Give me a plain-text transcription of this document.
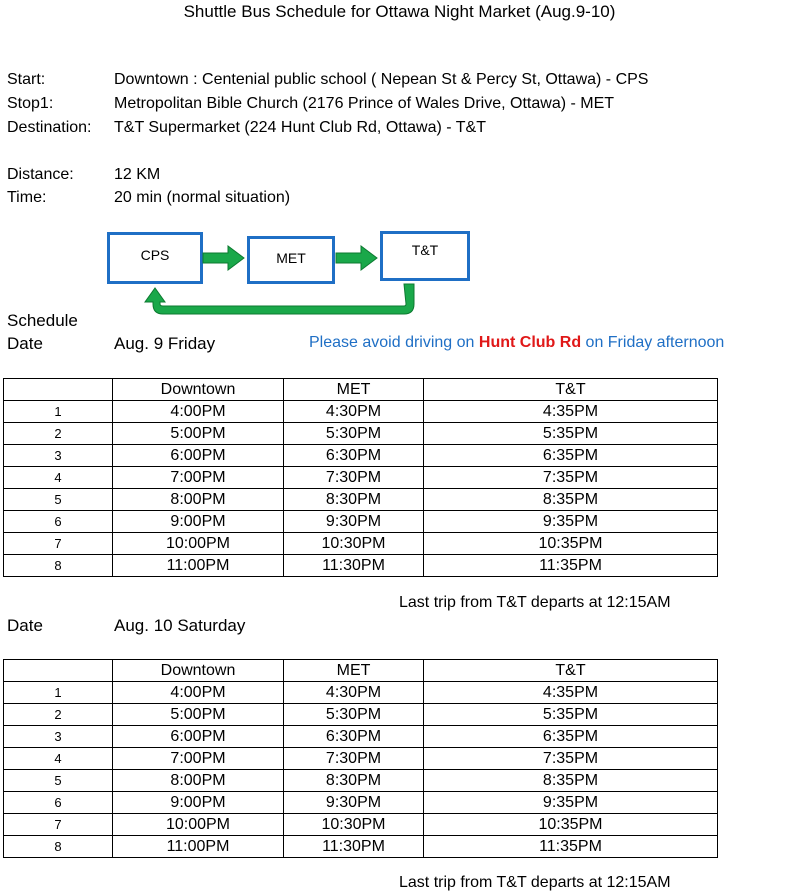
Shuttle Bus Schedule for Ottawa Night Market (Aug.9-10)
Start:	Downtown : Centenial public school ( Nepean St & Percy St, Ottawa) - CPS
Stop1:	Metropolitan Bible Church (2176 Prince of Wales Drive, Ottawa) - MET
Destination: T&T Supermarket (224 Hunt Club Rd, Ottawa) - T&T
Distance:	12 KM
Time:	20 min (normal situation)
CPS	MET	T&T
Schedule
Date	Aug. 9 Friday	Please avoid driving on Hunt Club Rd on Friday afternoon
	Downtown	MET	T&T
1	4:00PM	4:30PM	4:35PM
2	5:00PM	5:30PM	5:35PM
3	6:00PM	6:30PM	6:35PM
4	7:00PM	7:30PM	7:35PM
5	8:00PM	8:30PM	8:35PM
6	9:00PM	9:30PM	9:35PM
7	10:00PM	10:30PM	10:35PM
8	11:00PM	11:30PM	11:35PM
Last trip from T&T departs at 12:15AM
Date	Aug. 10 Saturday
	Downtown	MET	T&T
1	4:00PM	4:30PM	4:35PM
2	5:00PM	5:30PM	5:35PM
3	6:00PM	6:30PM	6:35PM
4	7:00PM	7:30PM	7:35PM
5	8:00PM	8:30PM	8:35PM
6	9:00PM	9:30PM	9:35PM
7	10:00PM	10:30PM	10:35PM
8	11:00PM	11:30PM	11:35PM
Last trip from T&T departs at 12:15AM
